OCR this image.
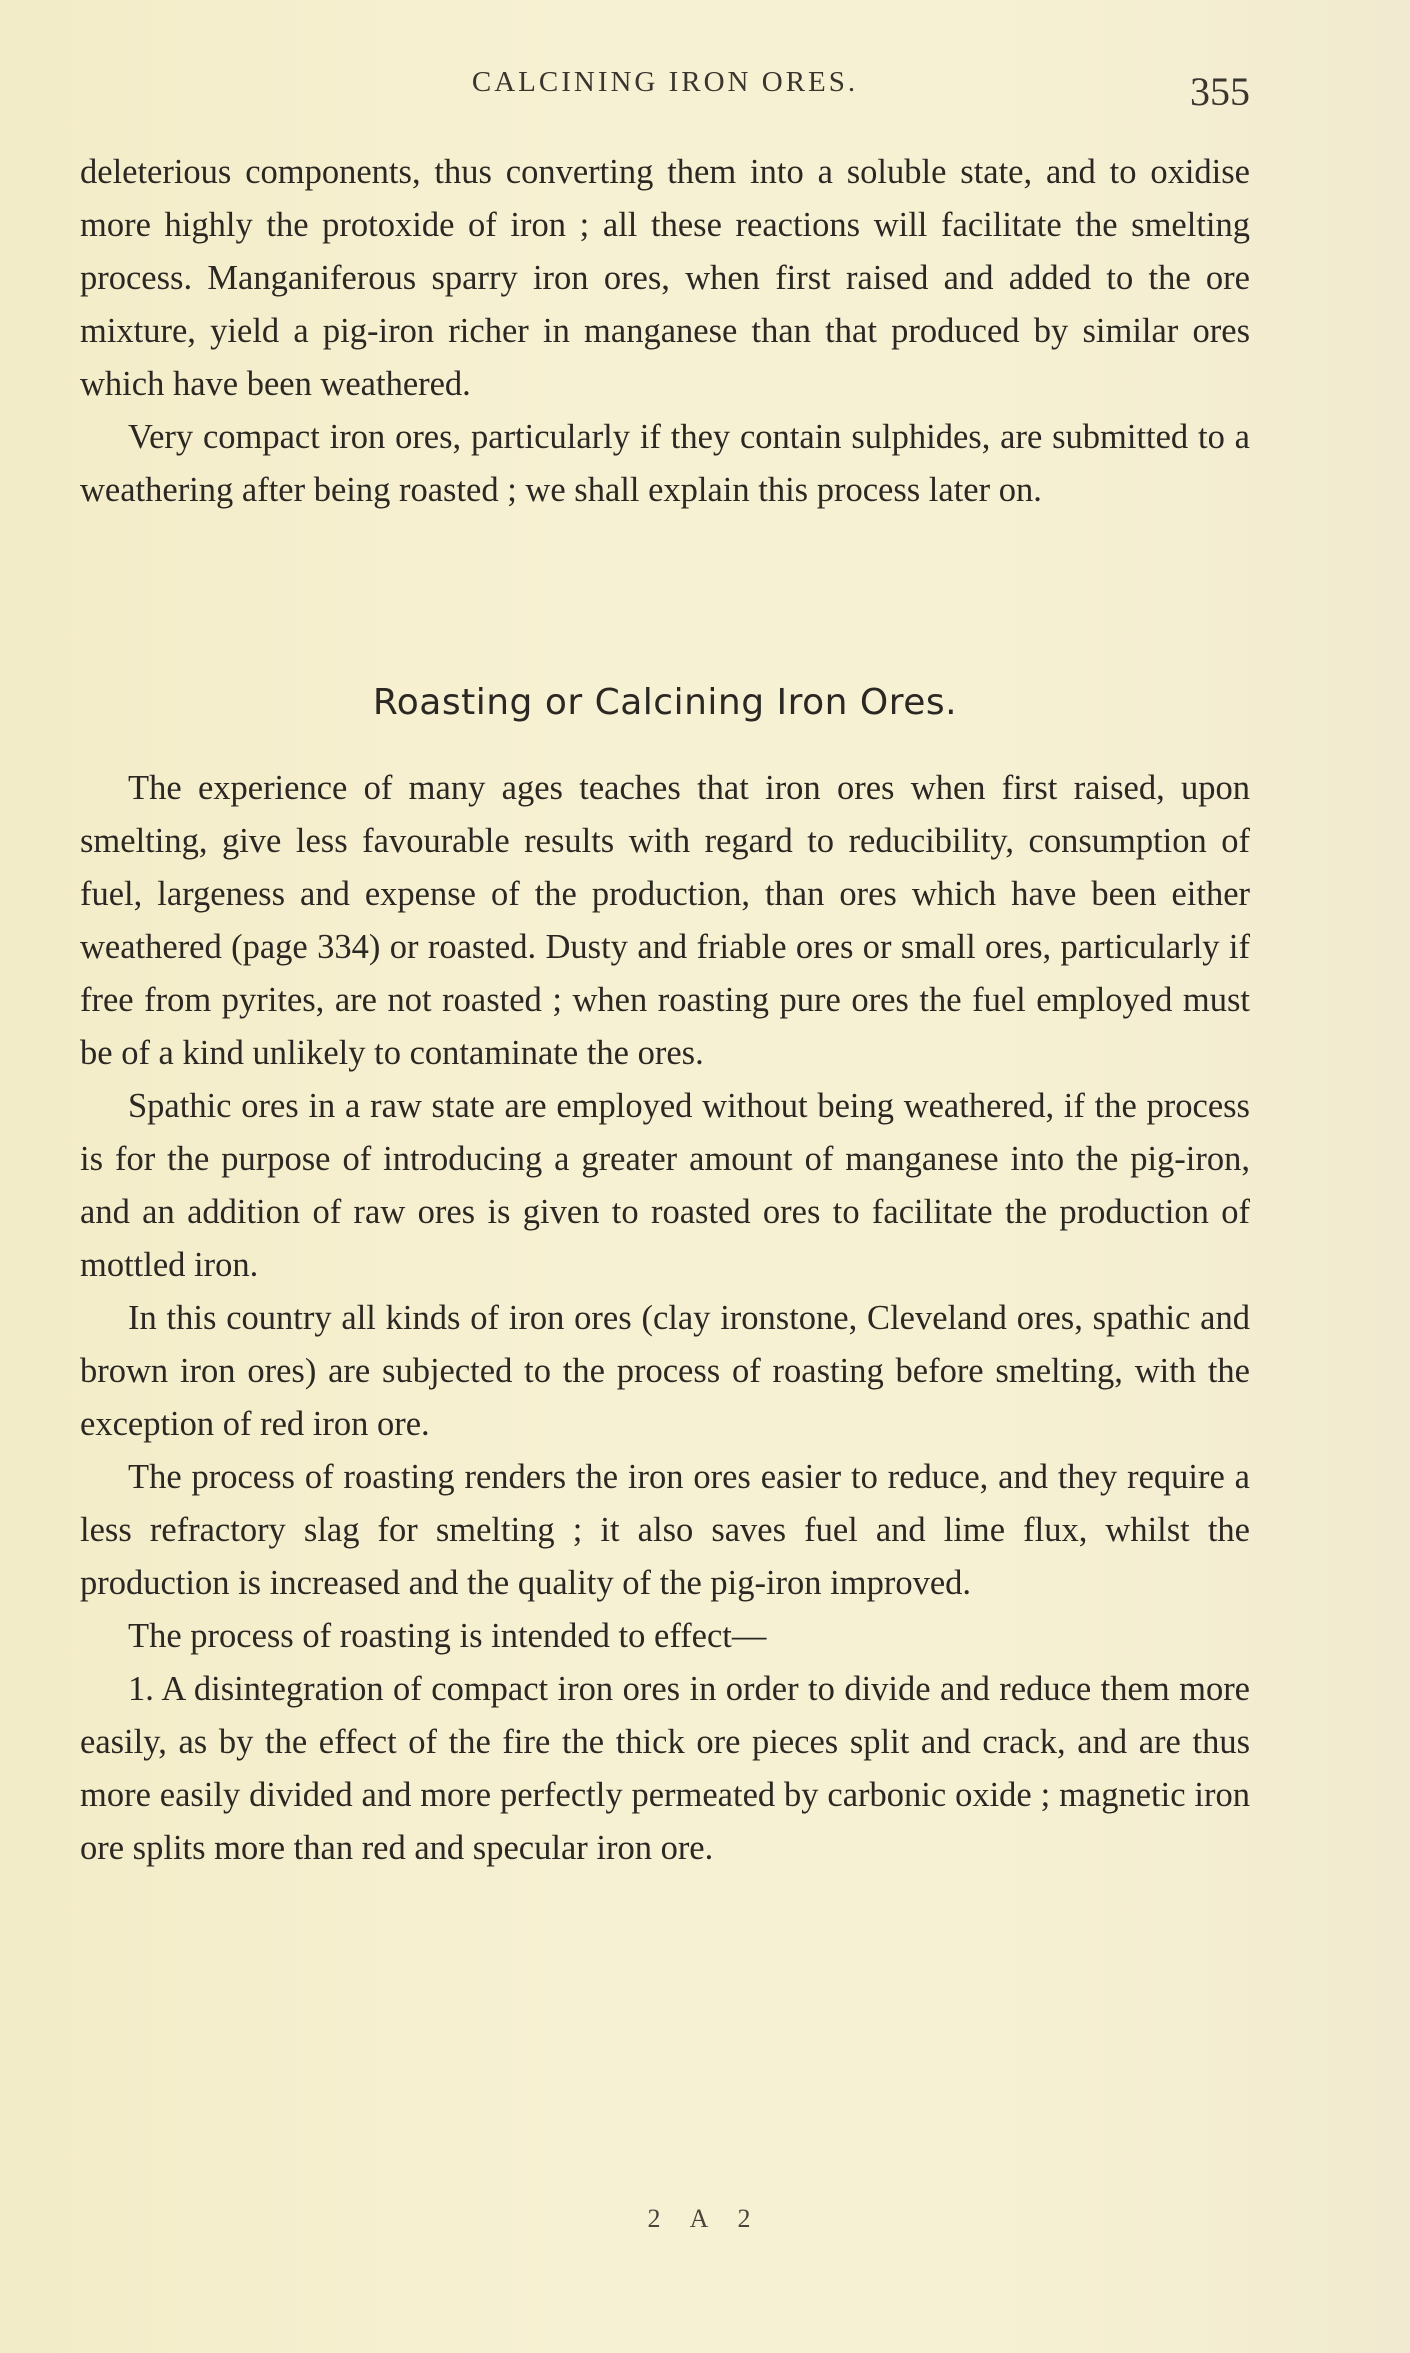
CALCINING IRON ORES.	355

deleterious components, thus converting them into a soluble state, and to oxidise more highly the protoxide of iron ; all these reactions will facilitate the smelting process. Manganiferous sparry iron ores, when first raised and added to the ore mixture, yield a pig-iron richer in manganese than that produced by similar ores which have been weathered.

Very compact iron ores, particularly if they contain sulphides, are submitted to a weathering after being roasted ; we shall explain this process later on.

Roasting or Calcining Iron Ores.

The experience of many ages teaches that iron ores when first raised, upon smelting, give less favourable results with regard to reducibility, consumption of fuel, largeness and expense of the production, than ores which have been either weathered (page 334) or roasted. Dusty and friable ores or small ores, particularly if free from pyrites, are not roasted ; when roasting pure ores the fuel employed must be of a kind unlikely to contaminate the ores.

Spathic ores in a raw state are employed without being weathered, if the process is for the purpose of introducing a greater amount of manganese into the pig-iron, and an addition of raw ores is given to roasted ores to facilitate the production of mottled iron.

In this country all kinds of iron ores (clay ironstone, Cleveland ores, spathic and brown iron ores) are subjected to the process of roasting before smelting, with the exception of red iron ore.

The process of roasting renders the iron ores easier to reduce, and they require a less refractory slag for smelting ; it also saves fuel and lime flux, whilst the production is increased and the quality of the pig-iron improved.

The process of roasting is intended to effect—

1. A disintegration of compact iron ores in order to divide and reduce them more easily, as by the effect of the fire the thick ore pieces split and crack, and are thus more easily divided and more perfectly permeated by carbonic oxide ; magnetic iron ore splits more than red and specular iron ore.

2 A 2
